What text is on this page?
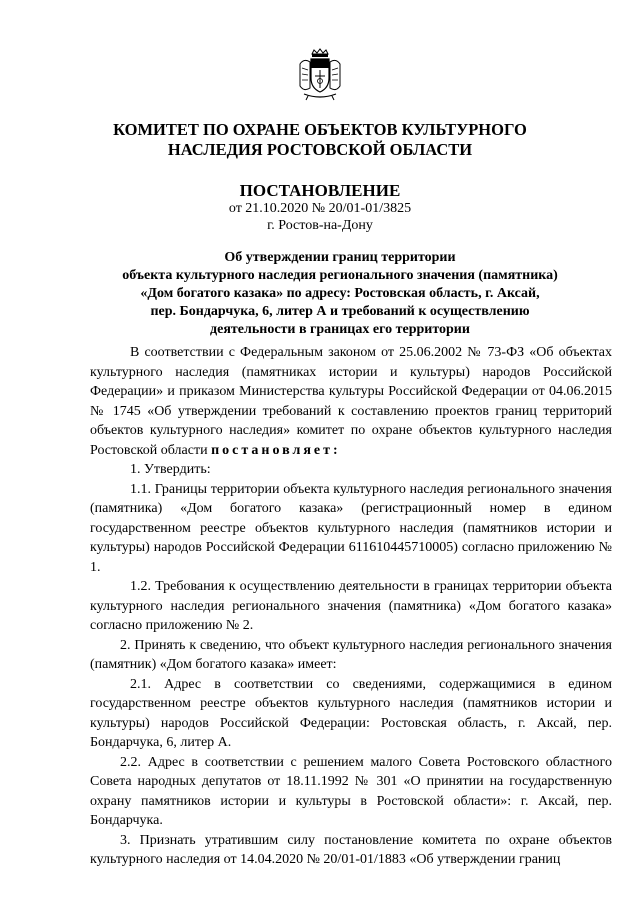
КОМИТЕТ ПО ОХРАНЕ ОБЪЕКТОВ КУЛЬТУРНОГО
НАСЛЕДИЯ РОСТОВСКОЙ ОБЛАСТИ
ПОСТАНОВЛЕНИЕ
от 21.10.2020 № 20/01-01/3825
г. Ростов-на-Дону
Об утверждении границ территории
объекта культурного наследия регионального значения (памятника)
«Дом богатого казака» по адресу: Ростовская область, г. Аксай,
пер. Бондарчука, 6, литер А и требований к осуществлению
деятельности в границах его территории

В соответствии с Федеральным законом от 25.06.2002 № 73-ФЗ «Об объектах культурного наследия (памятниках истории и культуры) народов Российской Федерации» и приказом Министерства культуры Российской Федерации от 04.06.2015 № 1745 «Об утверждении требований к составлению проектов границ территорий объектов культурного наследия» комитет по охране объектов культурного наследия Ростовской области постановляет:

1. Утвердить:

1.1. Границы территории объекта культурного наследия регионального значения (памятника) «Дом богатого казака» (регистрационный номер в едином государственном реестре объектов культурного наследия (памятников истории и культуры) народов Российской Федерации 611610445710005) согласно приложению № 1.

1.2. Требования к осуществлению деятельности в границах территории объекта культурного наследия регионального значения (памятника) «Дом богатого казака» согласно приложению № 2.

2. Принять к сведению, что объект культурного наследия регионального значения (памятник) «Дом богатого казака» имеет:

2.1. Адрес в соответствии со сведениями, содержащимися в едином государственном реестре объектов культурного наследия (памятников истории и культуры) народов Российской Федерации: Ростовская область, г. Аксай, пер. Бондарчука, 6, литер А.

2.2. Адрес в соответствии с решением малого Совета Ростовского областного Совета народных депутатов от 18.11.1992 № 301 «О принятии на государственную охрану памятников истории и культуры в Ростовской области»: г. Аксай, пер. Бондарчука.

3. Признать утратившим силу постановление комитета по охране объектов культурного наследия от 14.04.2020 № 20/01-01/1883 «Об утверждении границ
